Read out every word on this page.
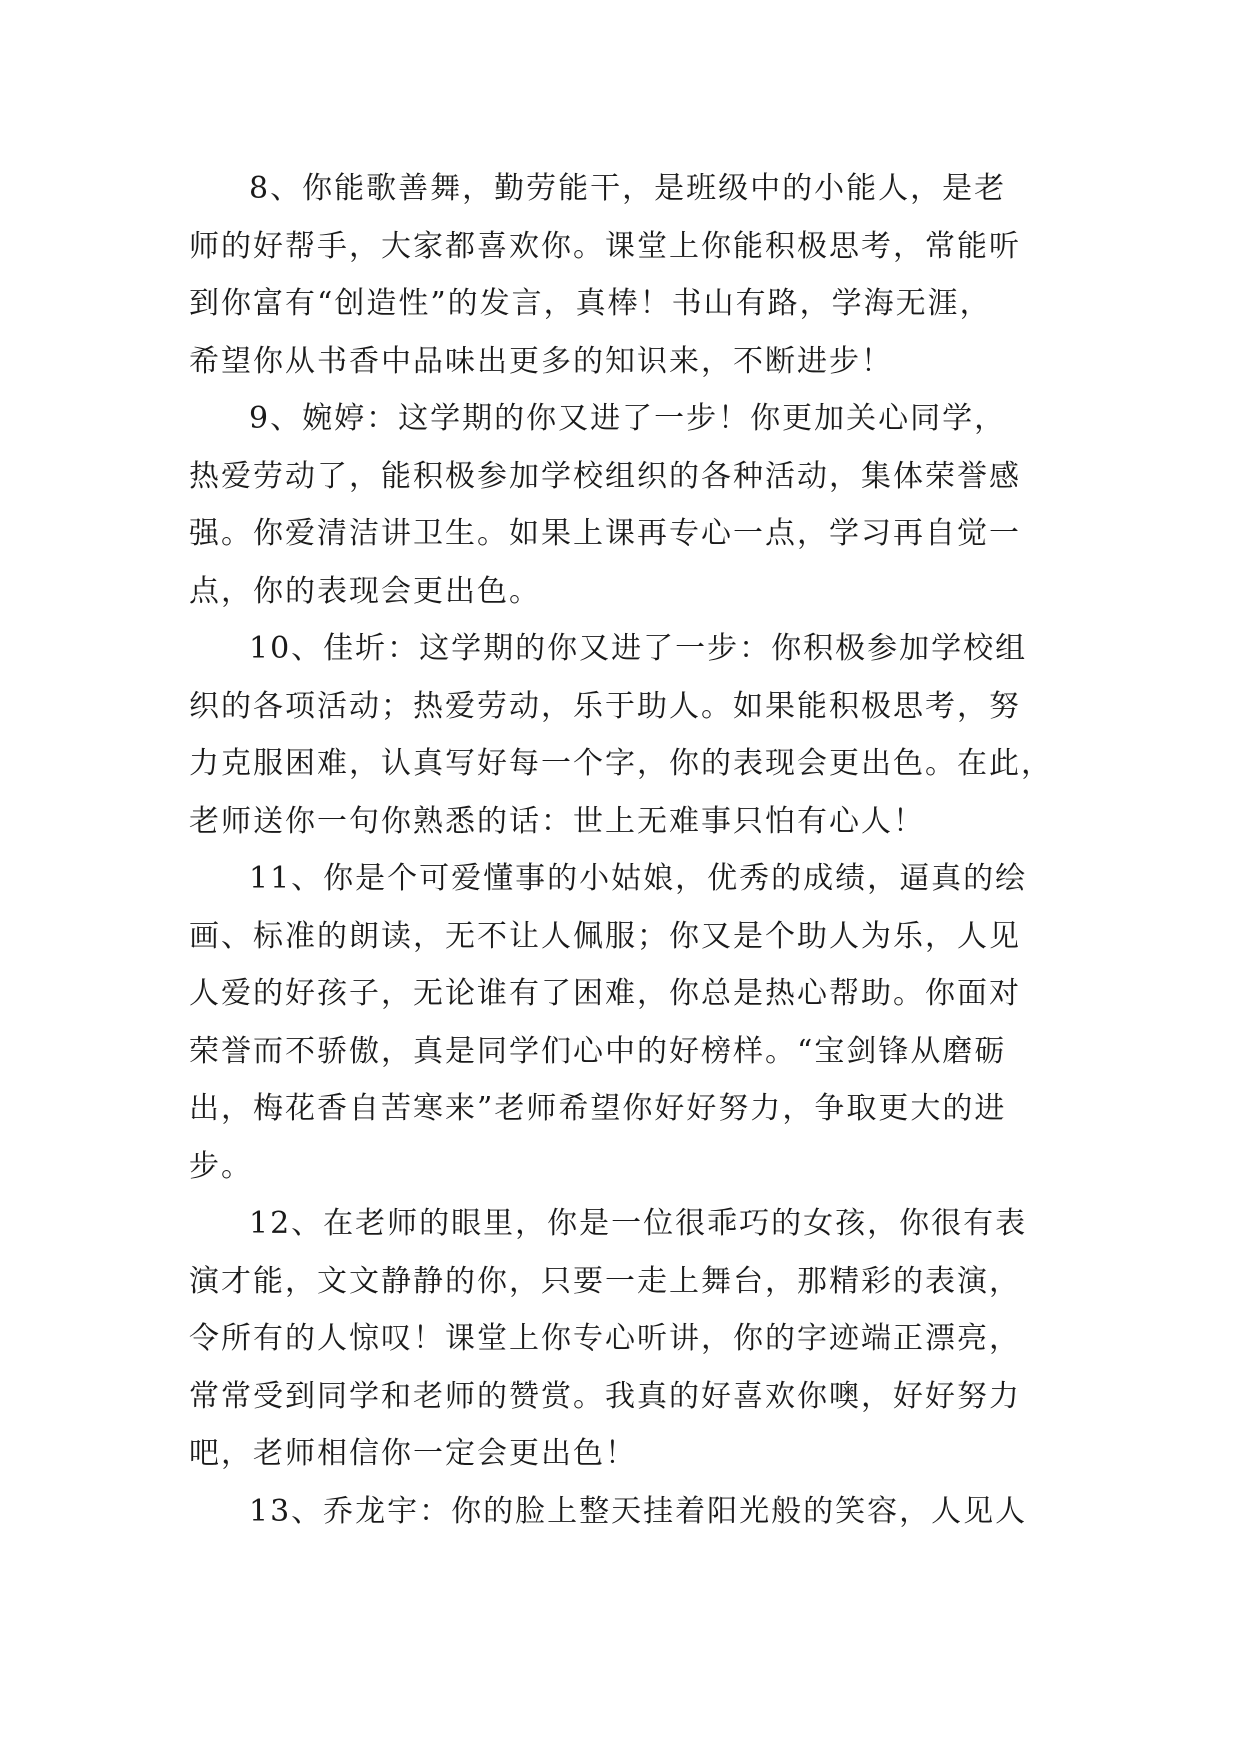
8、你能歌善舞，勤劳能干，是班级中的小能人，是老
师的好帮手，大家都喜欢你。课堂上你能积极思考，常能听
到你富有“创造性”的发言，真棒！书山有路，学海无涯，
希望你从书香中品味出更多的知识来，不断进步！

9、婉婷：这学期的你又进了一步！你更加关心同学，
热爱劳动了，能积极参加学校组织的各种活动，集体荣誉感
强。你爱清洁讲卫生。如果上课再专心一点，学习再自觉一
点，你的表现会更出色。

10、佳圻：这学期的你又进了一步：你积极参加学校组
织的各项活动；热爱劳动，乐于助人。如果能积极思考，努
力克服困难，认真写好每一个字，你的表现会更出色。在此，
老师送你一句你熟悉的话：世上无难事只怕有心人！

11、你是个可爱懂事的小姑娘，优秀的成绩，逼真的绘
画、标准的朗读，无不让人佩服；你又是个助人为乐，人见
人爱的好孩子，无论谁有了困难，你总是热心帮助。你面对
荣誉而不骄傲，真是同学们心中的好榜样。“宝剑锋从磨砺
出，梅花香自苦寒来”老师希望你好好努力，争取更大的进
步。

12、在老师的眼里，你是一位很乖巧的女孩，你很有表
演才能，文文静静的你，只要一走上舞台，那精彩的表演，
令所有的人惊叹！课堂上你专心听讲，你的字迹端正漂亮，
常常受到同学和老师的赞赏。我真的好喜欢你噢，好好努力
吧，老师相信你一定会更出色！

13、乔龙宇：你的脸上整天挂着阳光般的笑容，人见人
